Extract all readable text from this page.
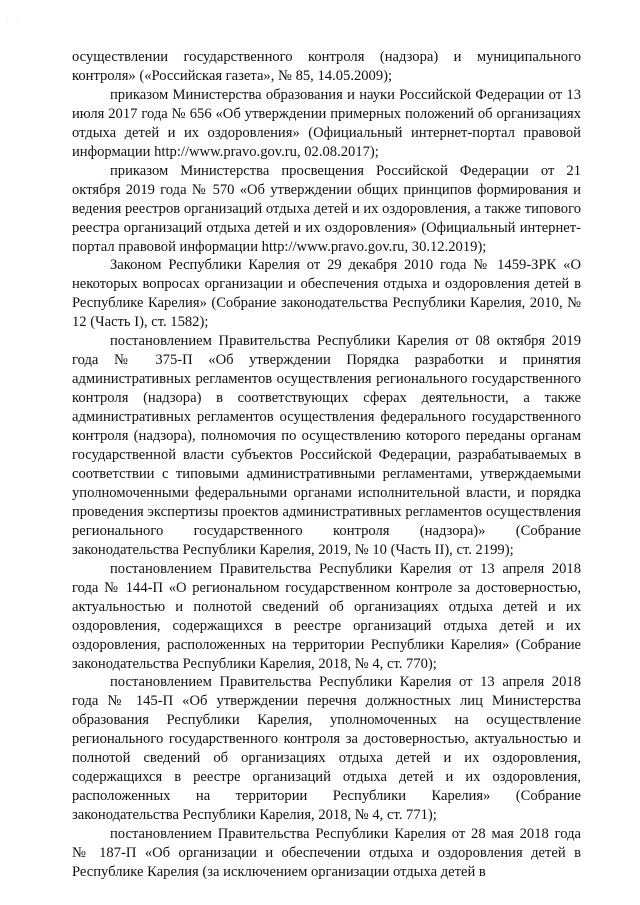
· ·

осуществлении государственного контроля (надзора) и муниципального контроля» («Российская газета», № 85, 14.05.2009);

приказом Министерства образования и науки Российской Федерации от 13 июля 2017 года № 656 «Об утверждении примерных положений об организациях отдыха детей и их оздоровления» (Официальный интернет-портал правовой информации http://www.pravo.gov.ru, 02.08.2017);

приказом Министерства просвещения Российской Федерации от 21 октября 2019 года № 570 «Об утверждении общих принципов формирования и ведения реестров организаций отдыха детей и их оздоровления, а также типового реестра организаций отдыха детей и их оздоровления» (Официальный интернет-портал правовой информации http://www.pravo.gov.ru, 30.12.2019);

Законом Республики Карелия от 29 декабря 2010 года № 1459-ЗРК «О некоторых вопросах организации и обеспечения отдыха и оздоровления детей в Республике Карелия» (Собрание законодательства Республики Карелия, 2010, № 12 (Часть I), ст. 1582);

постановлением Правительства Республики Карелия от 08 октября 2019 года № 375-П «Об утверждении Порядка разработки и принятия административных регламентов осуществления регионального государственного контроля (надзора) в соответствующих сферах деятельности, а также административных регламентов осуществления федерального государственного контроля (надзора), полномочия по осуществлению которого переданы органам государственной власти субъектов Российской Федерации, разрабатываемых в соответствии с типовыми административными регламентами, утверждаемыми уполномоченными федеральными органами исполнительной власти, и порядка проведения экспертизы проектов административных регламентов осуществления регионального государственного контроля (надзора)» (Собрание законодательства Республики Карелия, 2019, № 10 (Часть II), ст. 2199);

постановлением Правительства Республики Карелия от 13 апреля 2018 года № 144-П «О региональном государственном контроле за достоверностью, актуальностью и полнотой сведений об организациях отдыха детей и их оздоровления, содержащихся в реестре организаций отдыха детей и их оздоровления, расположенных на территории Республики Карелия» (Собрание законодательства Республики Карелия, 2018, № 4, ст. 770);

постановлением Правительства Республики Карелия от 13 апреля 2018 года № 145-П «Об утверждении перечня должностных лиц Министерства образования Республики Карелия, уполномоченных на осуществление регионального государственного контроля за достоверностью, актуальностью и полнотой сведений об организациях отдыха детей и их оздоровления, содержащихся в реестре организаций отдыха детей и их оздоровления, расположенных на территории Республики Карелия» (Собрание законодательства Республики Карелия, 2018, № 4, ст. 771);

постановлением Правительства Республики Карелия от 28 мая 2018 года № 187-П «Об организации и обеспечении отдыха и оздоровления детей в Республике Карелия (за исключением организации отдыха детей в
